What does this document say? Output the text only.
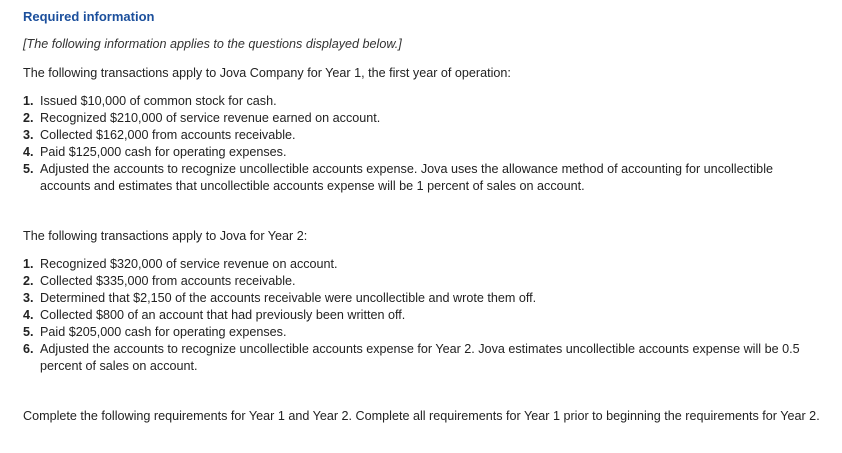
Required information
[The following information applies to the questions displayed below.]
The following transactions apply to Jova Company for Year 1, the first year of operation:
1. Issued $10,000 of common stock for cash.
2. Recognized $210,000 of service revenue earned on account.
3. Collected $162,000 from accounts receivable.
4. Paid $125,000 cash for operating expenses.
5. Adjusted the accounts to recognize uncollectible accounts expense. Jova uses the allowance method of accounting for uncollectible accounts and estimates that uncollectible accounts expense will be 1 percent of sales on account.
The following transactions apply to Jova for Year 2:
1. Recognized $320,000 of service revenue on account.
2. Collected $335,000 from accounts receivable.
3. Determined that $2,150 of the accounts receivable were uncollectible and wrote them off.
4. Collected $800 of an account that had previously been written off.
5. Paid $205,000 cash for operating expenses.
6. Adjusted the accounts to recognize uncollectible accounts expense for Year 2. Jova estimates uncollectible accounts expense will be 0.5 percent of sales on account.
Complete the following requirements for Year 1 and Year 2. Complete all requirements for Year 1 prior to beginning the requirements for Year 2.
